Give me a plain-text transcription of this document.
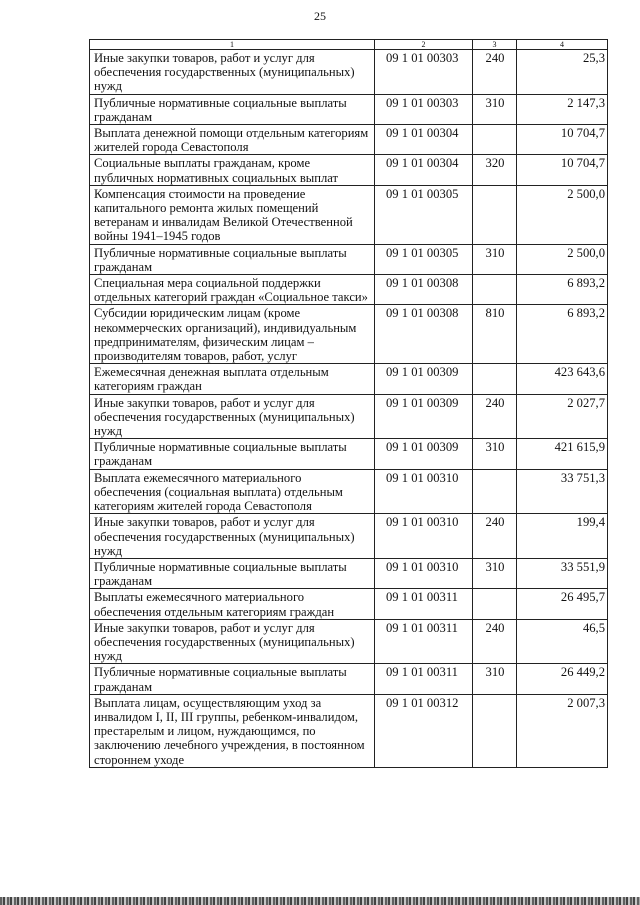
25
1	2	3	4
Иные закупки товаров, работ и услуг для обеспечения государственных (муниципальных) нужд	09 1 01 00303	240	25,3
Публичные нормативные социальные выплаты гражданам	09 1 01 00303	310	2 147,3
Выплата денежной помощи отдельным категориям жителей города Севастополя	09 1 01 00304		10 704,7
Социальные выплаты гражданам, кроме публичных нормативных социальных выплат	09 1 01 00304	320	10 704,7
Компенсация стоимости на проведение капитального ремонта жилых помещений ветеранам и инвалидам Великой Отечественной войны 1941–1945 годов	09 1 01 00305		2 500,0
Публичные нормативные социальные выплаты гражданам	09 1 01 00305	310	2 500,0
Специальная мера социальной поддержки отдельных категорий граждан «Социальное такси»	09 1 01 00308		6 893,2
Субсидии юридическим лицам (кроме некоммерческих организаций), индивидуальным предпринимателям, физическим лицам – производителям товаров, работ, услуг	09 1 01 00308	810	6 893,2
Ежемесячная денежная выплата отдельным категориям граждан	09 1 01 00309		423 643,6
Иные закупки товаров, работ и услуг для обеспечения государственных (муниципальных) нужд	09 1 01 00309	240	2 027,7
Публичные нормативные социальные выплаты гражданам	09 1 01 00309	310	421 615,9
Выплата ежемесячного материального обеспечения (социальная выплата) отдельным категориям жителей города Севастополя	09 1 01 00310		33 751,3
Иные закупки товаров, работ и услуг для обеспечения государственных (муниципальных) нужд	09 1 01 00310	240	199,4
Публичные нормативные социальные выплаты гражданам	09 1 01 00310	310	33 551,9
Выплаты ежемесячного материального обеспечения отдельным категориям граждан	09 1 01 00311		26 495,7
Иные закупки товаров, работ и услуг для обеспечения государственных (муниципальных) нужд	09 1 01 00311	240	46,5
Публичные нормативные социальные выплаты гражданам	09 1 01 00311	310	26 449,2
Выплата лицам, осуществляющим уход за инвалидом I, II, III группы, ребенком-инвалидом, престарелым и лицом, нуждающимся, по заключению лечебного учреждения, в постоянном стороннем уходе	09 1 01 00312		2 007,3
